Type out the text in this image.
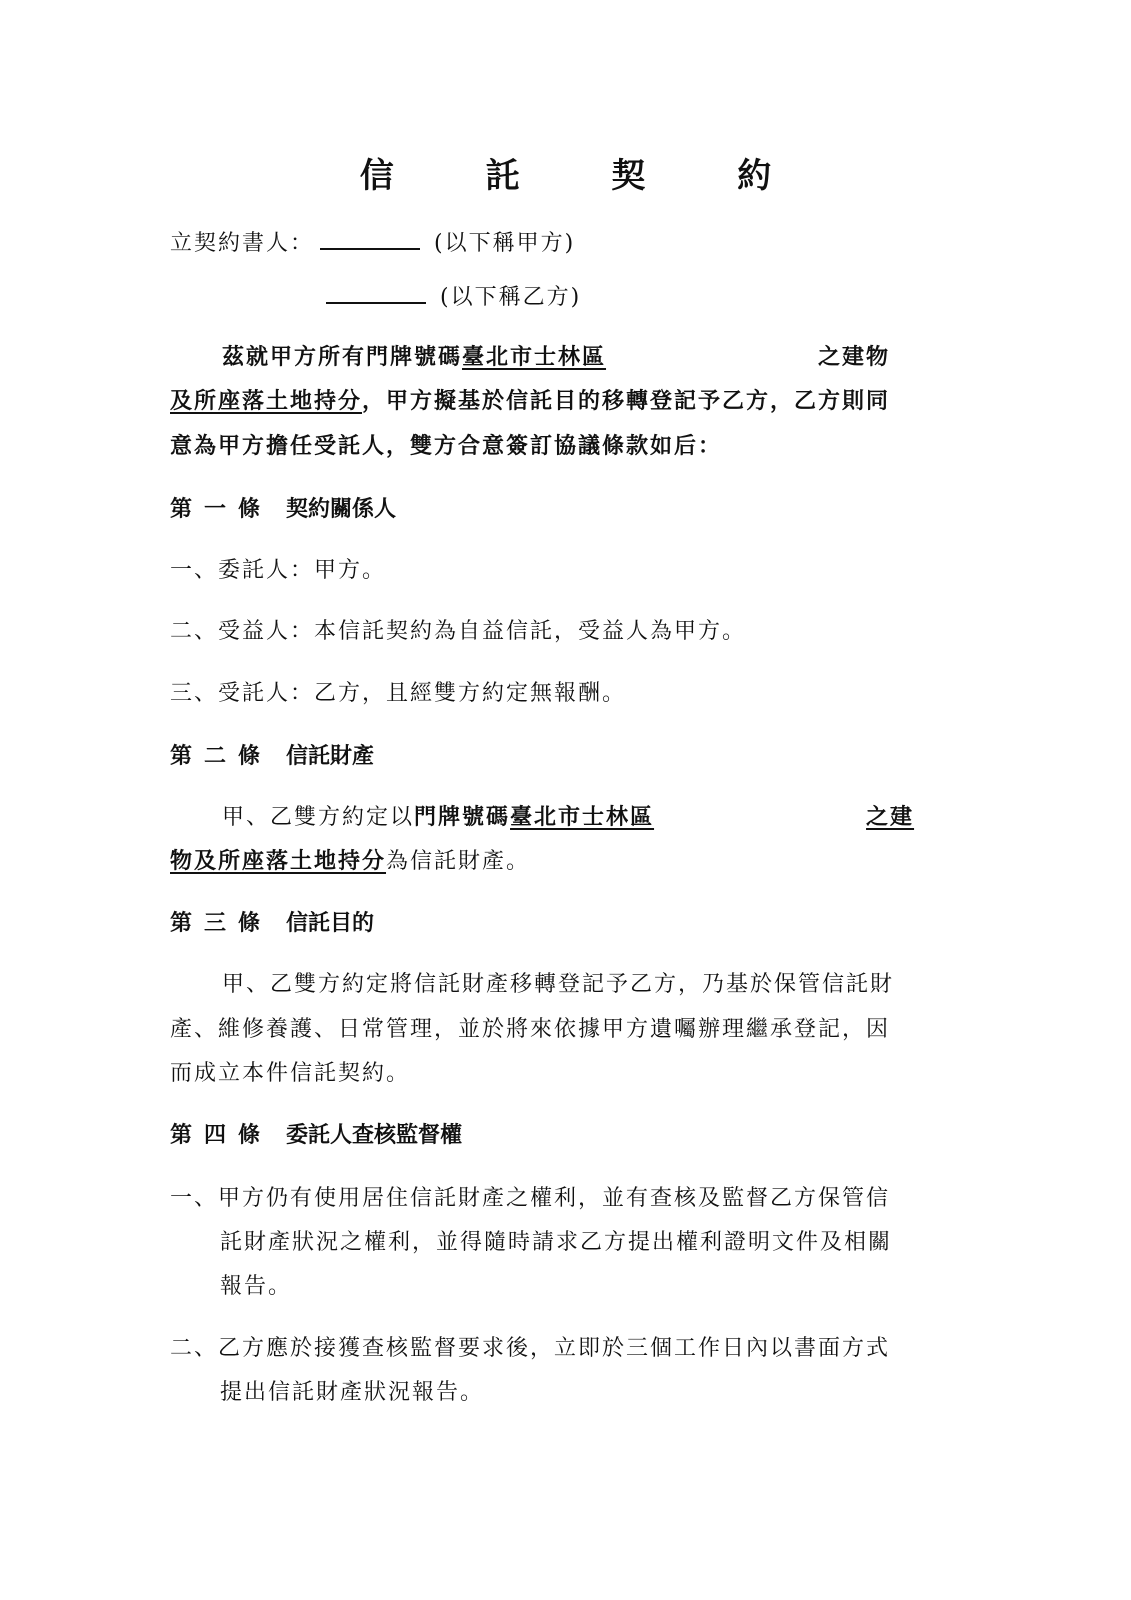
信 託 契 約
立契約書人：	(以下稱甲方)
(以下稱乙方)
茲就甲方所有門牌號碼臺北市士林區	之建物
及所座落土地持分，甲方擬基於信託目的移轉登記予乙方，乙方則同
意為甲方擔任受託人，雙方合意簽訂協議條款如后：
第一條 契約關係人
一、委託人：甲方。
二、受益人：本信託契約為自益信託，受益人為甲方。
三、受託人：乙方，且經雙方約定無報酬。
第二條 信託財產
甲、乙雙方約定以門牌號碼臺北市士林區	之建
物及所座落土地持分為信託財產。
第三條 信託目的
甲、乙雙方約定將信託財產移轉登記予乙方，乃基於保管信託財
產、維修養護、日常管理，並於將來依據甲方遺囑辦理繼承登記，因
而成立本件信託契約。
第四條 委託人查核監督權
一、甲方仍有使用居住信託財產之權利，並有查核及監督乙方保管信
託財產狀況之權利，並得隨時請求乙方提出權利證明文件及相關
報告。
二、乙方應於接獲查核監督要求後，立即於三個工作日內以書面方式
提出信託財產狀況報告。
